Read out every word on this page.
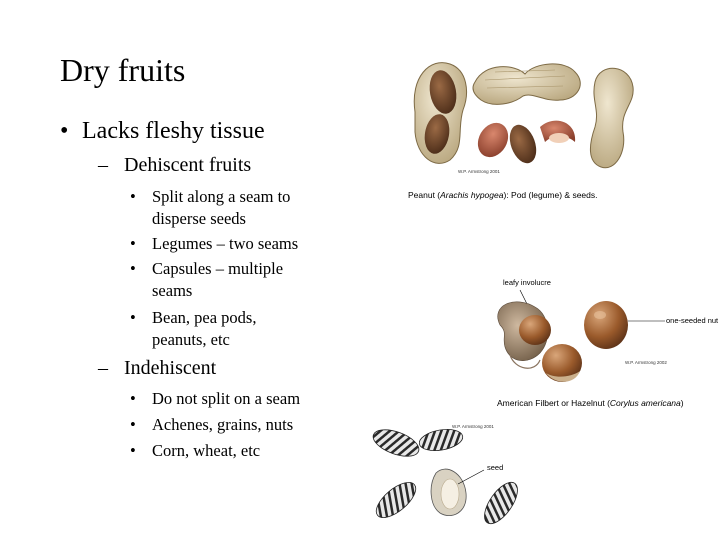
Dry fruits
• Lacks fleshy tissue
– Dehiscent fruits
• Split along a seam to
disperse seeds
• Legumes – two seams
• Capsules – multiple
seams
• Bean, pea pods,
peanuts, etc
– Indehiscent
• Do not split on a seam
• Achenes, grains, nuts
• Corn, wheat, etc
W.P. Armstrong 2001
Peanut (Arachis hypogea): Pod (legume) & seeds.
leafy involucre
one-seeded nut
W.P. Armstrong 2002
American Filbert or Hazelnut (Corylus americana)
seed
W.P. Armstrong 2001
